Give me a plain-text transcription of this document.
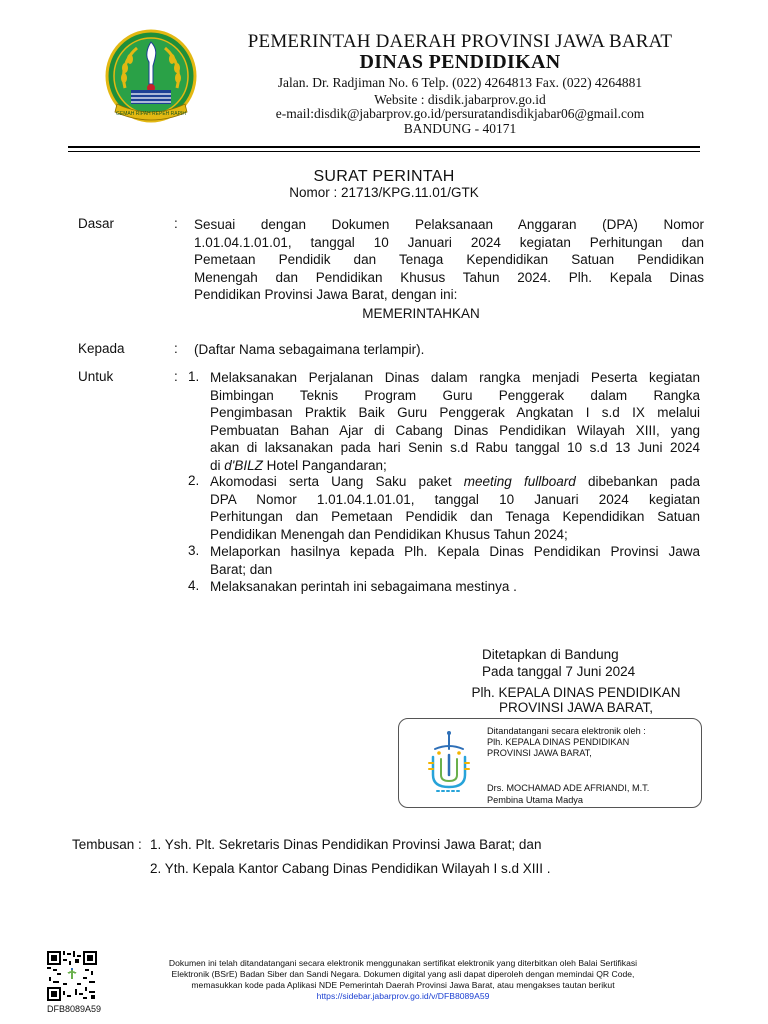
GEMAH RIPAH REPEH RAPIH
PEMERINTAH DAERAH PROVINSI JAWA BARAT
DINAS PENDIDIKAN
Jalan. Dr. Radjiman No. 6 Telp. (022) 4264813 Fax. (022) 4264881
Website : disdik.jabarprov.go.id
e-mail:disdik@jabarprov.go.id/persuratandisdikjabar06@gmail.com
BANDUNG - 40171
SURAT PERINTAH
Nomor : 21713/KPG.11.01/GTK
Dasar	: Sesuai dengan Dokumen Pelaksanaan Anggaran (DPA) Nomor
1.01.04.1.01.01, tanggal 10 Januari 2024 kegiatan Perhitungan dan
Pemetaan Pendidik dan Tenaga Kependidikan Satuan Pendidikan
Menengah dan Pendidikan Khusus Tahun 2024. Plh. Kepala Dinas
Pendidikan Provinsi Jawa Barat, dengan ini:
MEMERINTAHKAN
Kepada	: (Daftar Nama sebagaimana terlampir).
Untuk	: 1. Melaksanakan Perjalanan Dinas dalam rangka menjadi Peserta kegiatan
Bimbingan Teknis Program Guru Penggerak dalam Rangka
Pengimbasan Praktik Baik Guru Penggerak Angkatan I s.d IX melalui
Pembuatan Bahan Ajar di Cabang Dinas Pendidikan Wilayah XIII, yang
akan di laksanakan pada hari Senin s.d Rabu tanggal 10 s.d 13 Juni 2024
di d'BILZ Hotel Pangandaran;
2. Akomodasi serta Uang Saku paket meeting fullboard dibebankan pada
DPA Nomor 1.01.04.1.01.01, tanggal 10 Januari 2024 kegiatan
Perhitungan dan Pemetaan Pendidik dan Tenaga Kependidikan Satuan
Pendidikan Menengah dan Pendidikan Khusus Tahun 2024;
3. Melaporkan hasilnya kepada Plh. Kepala Dinas Pendidikan Provinsi Jawa
Barat; dan
4. Melaksanakan perintah ini sebagaimana mestinya .
Ditetapkan di Bandung
Pada tanggal 7 Juni 2024
Plh. KEPALA DINAS PENDIDIKAN
PROVINSI JAWA BARAT,
Ditandatangani secara elektronik oleh :
Plh. KEPALA DINAS PENDIDIKAN
PROVINSI JAWA BARAT,
Drs. MOCHAMAD ADE AFRIANDI, M.T.
Pembina Utama Madya
Tembusan : 1. Ysh. Plt. Sekretaris Dinas Pendidikan Provinsi Jawa Barat; dan
2. Yth. Kepala Kantor Cabang Dinas Pendidikan Wilayah I s.d XIII .
DFB8089A59
Dokumen ini telah ditandatangani secara elektronik menggunakan sertifikat elektronik yang diterbitkan oleh Balai Sertifikasi
Elektronik (BSrE) Badan Siber dan Sandi Negara. Dokumen digital yang asli dapat diperoleh dengan memindai QR Code,
memasukkan kode pada Aplikasi NDE Pemerintah Daerah Provinsi Jawa Barat, atau mengakses tautan berikut
https://sidebar.jabarprov.go.id/v/DFB8089A59
